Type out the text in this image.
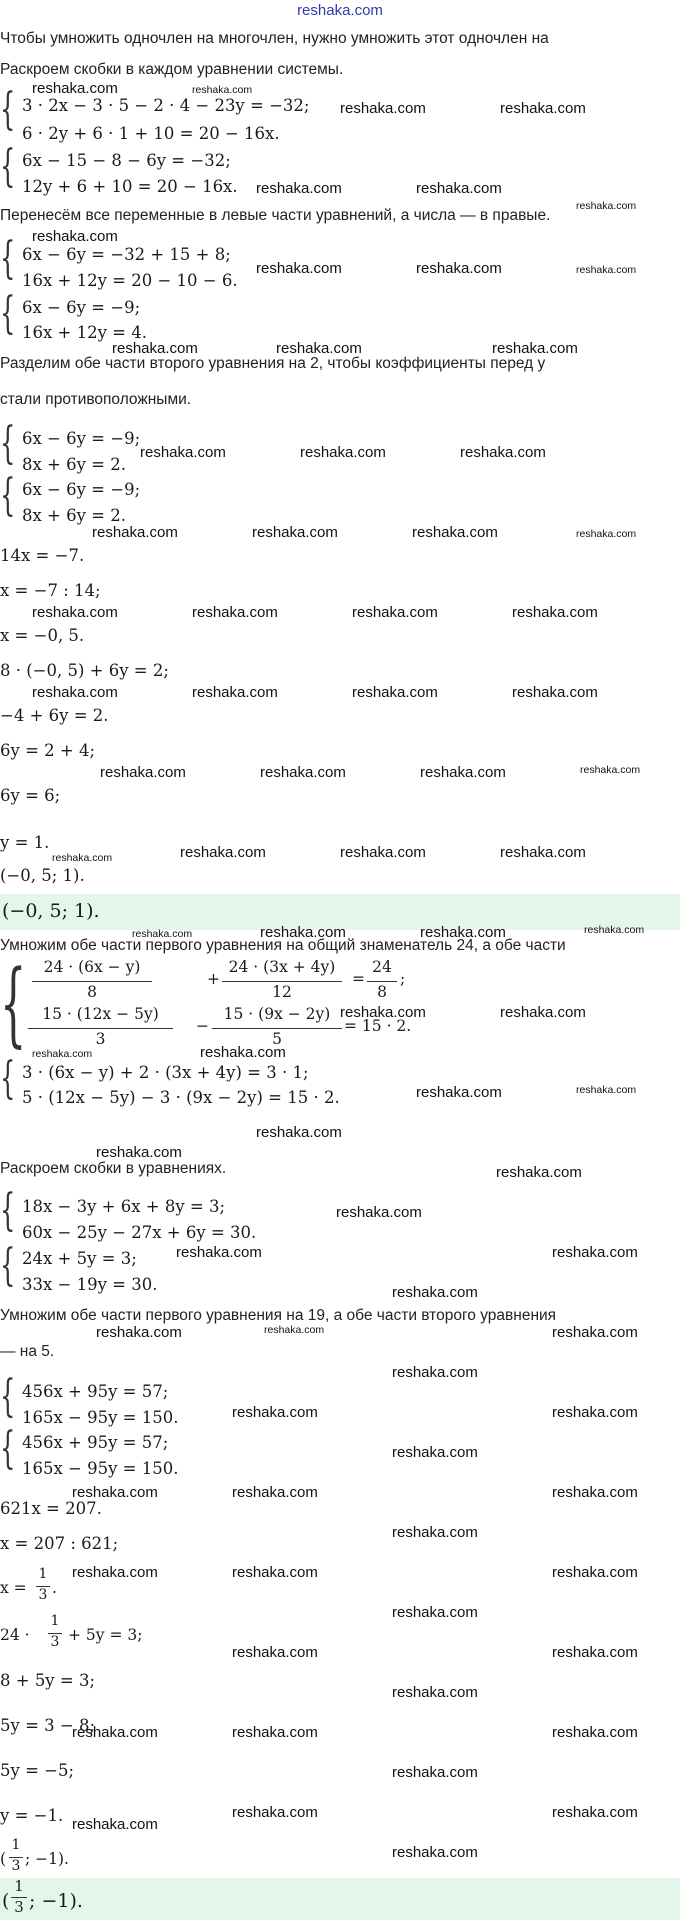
reshaka.com
Чтобы умножить одночлен на многочлен, нужно умножить этот одночлен на
Раскроем скобки в каждом уравнении системы.
{ 3 · 2x − 3 · 5 − 2 · 4 − 23y = −32;
6 · 2y + 6 · 1 + 10 = 20 − 16x.
{ 6x − 15 − 8 − 6y = −32;
12y + 6 + 10 = 20 − 16x.
Перенесём все переменные в левые части уравнений, а числа — в правые.
{ 6x − 6y = −32 + 15 + 8;
16x + 12y = 20 − 10 − 6.
{ 6x − 6y = −9;
16x + 12y = 4.
Разделим обе части второго уравнения на 2, чтобы коэффициенты перед y
стали противоположными.
{ 6x − 6y = −9;
8x + 6y = 2.
{ 6x − 6y = −9;
8x + 6y = 2.
14x = −7.
x = −7 : 14;
x = −0, 5.
8 · (−0, 5) + 6y = 2;
−4 + 6y = 2.
6y = 2 + 4;
6y = 6;
y = 1.
(−0, 5; 1).
(−0, 5; 1).
Умножим обе части первого уравнения на общий знаменатель 24, а обе части
{	24 · (6x − y)
8
+
24 · (3x + 4y)
12
=
24
8
;
15 · (12x − 5y)
3
−
15 · (9x − 2y)
5
= 15 · 2.
{ 3 · (6x − y) + 2 · (3x + 4y) = 3 · 1;
5 · (12x − 5y) − 3 · (9x − 2y) = 15 · 2.
Раскроем скобки в уравнениях.
{ 18x − 3y + 6x + 8y = 3;
60x − 25y − 27x + 6y = 30.
{ 24x + 5y = 3;
33x − 19y = 30.
Умножим обе части первого уравнения на 19, а обе части второго уравнения
— на 5.
{ 456x + 95y = 57;
165x − 95y = 150.
{ 456x + 95y = 57;
165x − 95y = 150.
621x = 207.
x = 207 : 621;
x =
1
3 .
24 ·
1
3 + 5y = 3;
8 + 5y = 3;
5y = 3 − 8;
5y = −5;
y = −1.
(
1
3 ; −1).
(
1
3 ; −1).
reshaka.com
reshaka.com	reshaka.com
reshaka.com	reshaka.com
reshaka.com
reshaka.com	reshaka.com
reshaka.com	reshaka.com	reshaka.com
reshaka.com	reshaka.com	reshaka.com
reshaka.com	reshaka.com	reshaka.com
reshaka.com	reshaka.com	reshaka.com	reshaka.com
reshaka.com	reshaka.com	reshaka.com	reshaka.com
reshaka.com	reshaka.com	reshaka.com
reshaka.com	reshaka.com	reshaka.com
reshaka.com	reshaka.com
reshaka.com	reshaka.com
reshaka.com
reshaka.com
reshaka.com
reshaka.com
reshaka.com
reshaka.com
reshaka.com	reshaka.com
reshaka.com
reshaka.com	reshaka.com
reshaka.com
reshaka.com	reshaka.com
reshaka.com
reshaka.com	reshaka.com	reshaka.com
reshaka.com
reshaka.com	reshaka.com	reshaka.com
reshaka.com
reshaka.com	reshaka.com
reshaka.com
reshaka.com	reshaka.com	reshaka.com
reshaka.com
reshaka.com	reshaka.com
reshaka.com
reshaka.com
reshaka.com
reshaka.com
reshaka.com
reshaka.com
reshaka.com
reshaka.com
reshaka.com	reshaka.com
reshaka.com
reshaka.com
reshaka.com
